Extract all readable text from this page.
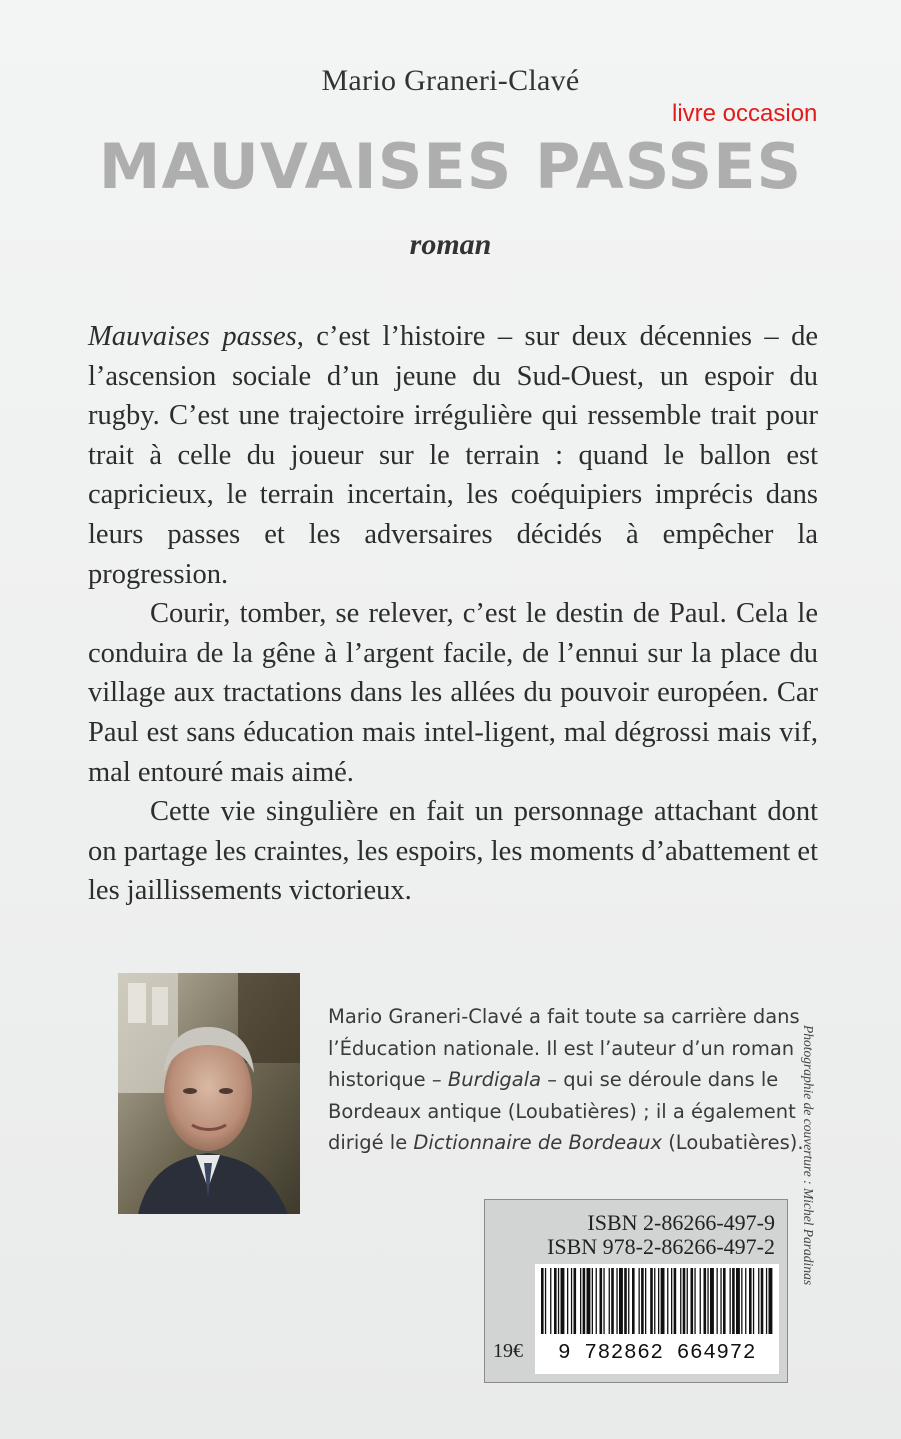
Mario Graneri-Clavé
livre occasion
MAUVAISES PASSES
roman

Mauvaises passes, c’est l’histoire – sur deux décennies – de l’ascension sociale d’un jeune du Sud-Ouest, un espoir du rugby. C’est une trajectoire irrégulière qui ressemble trait pour trait à celle du joueur sur le terrain : quand le ballon est capricieux, le terrain incertain, les coéquipiers imprécis dans leurs passes et les adversaires décidés à empêcher la progression.

Courir, tomber, se relever, c’est le destin de Paul. Cela le conduira de la gêne à l’argent facile, de l’ennui sur la place du village aux tractations dans les allées du pouvoir européen. Car Paul est sans éducation mais intel-ligent, mal dégrossi mais vif, mal entouré mais aimé.

Cette vie singulière en fait un personnage attachant dont on partage les craintes, les espoirs, les moments d’abattement et les jaillissements victorieux.

Mario Graneri-Clavé a fait toute sa carrière dans l’Éducation nationale. Il est l’auteur d’un roman historique – Burdigala – qui se déroule dans le Bordeaux antique (Loubatières) ; il a également dirigé le Dictionnaire de Bordeaux (Loubatières).
Photographie de couverture : Michel Paradinas
ISBN 2-86266-497-9
ISBN 978-2-86266-497-2
19€	9 782862 664972
